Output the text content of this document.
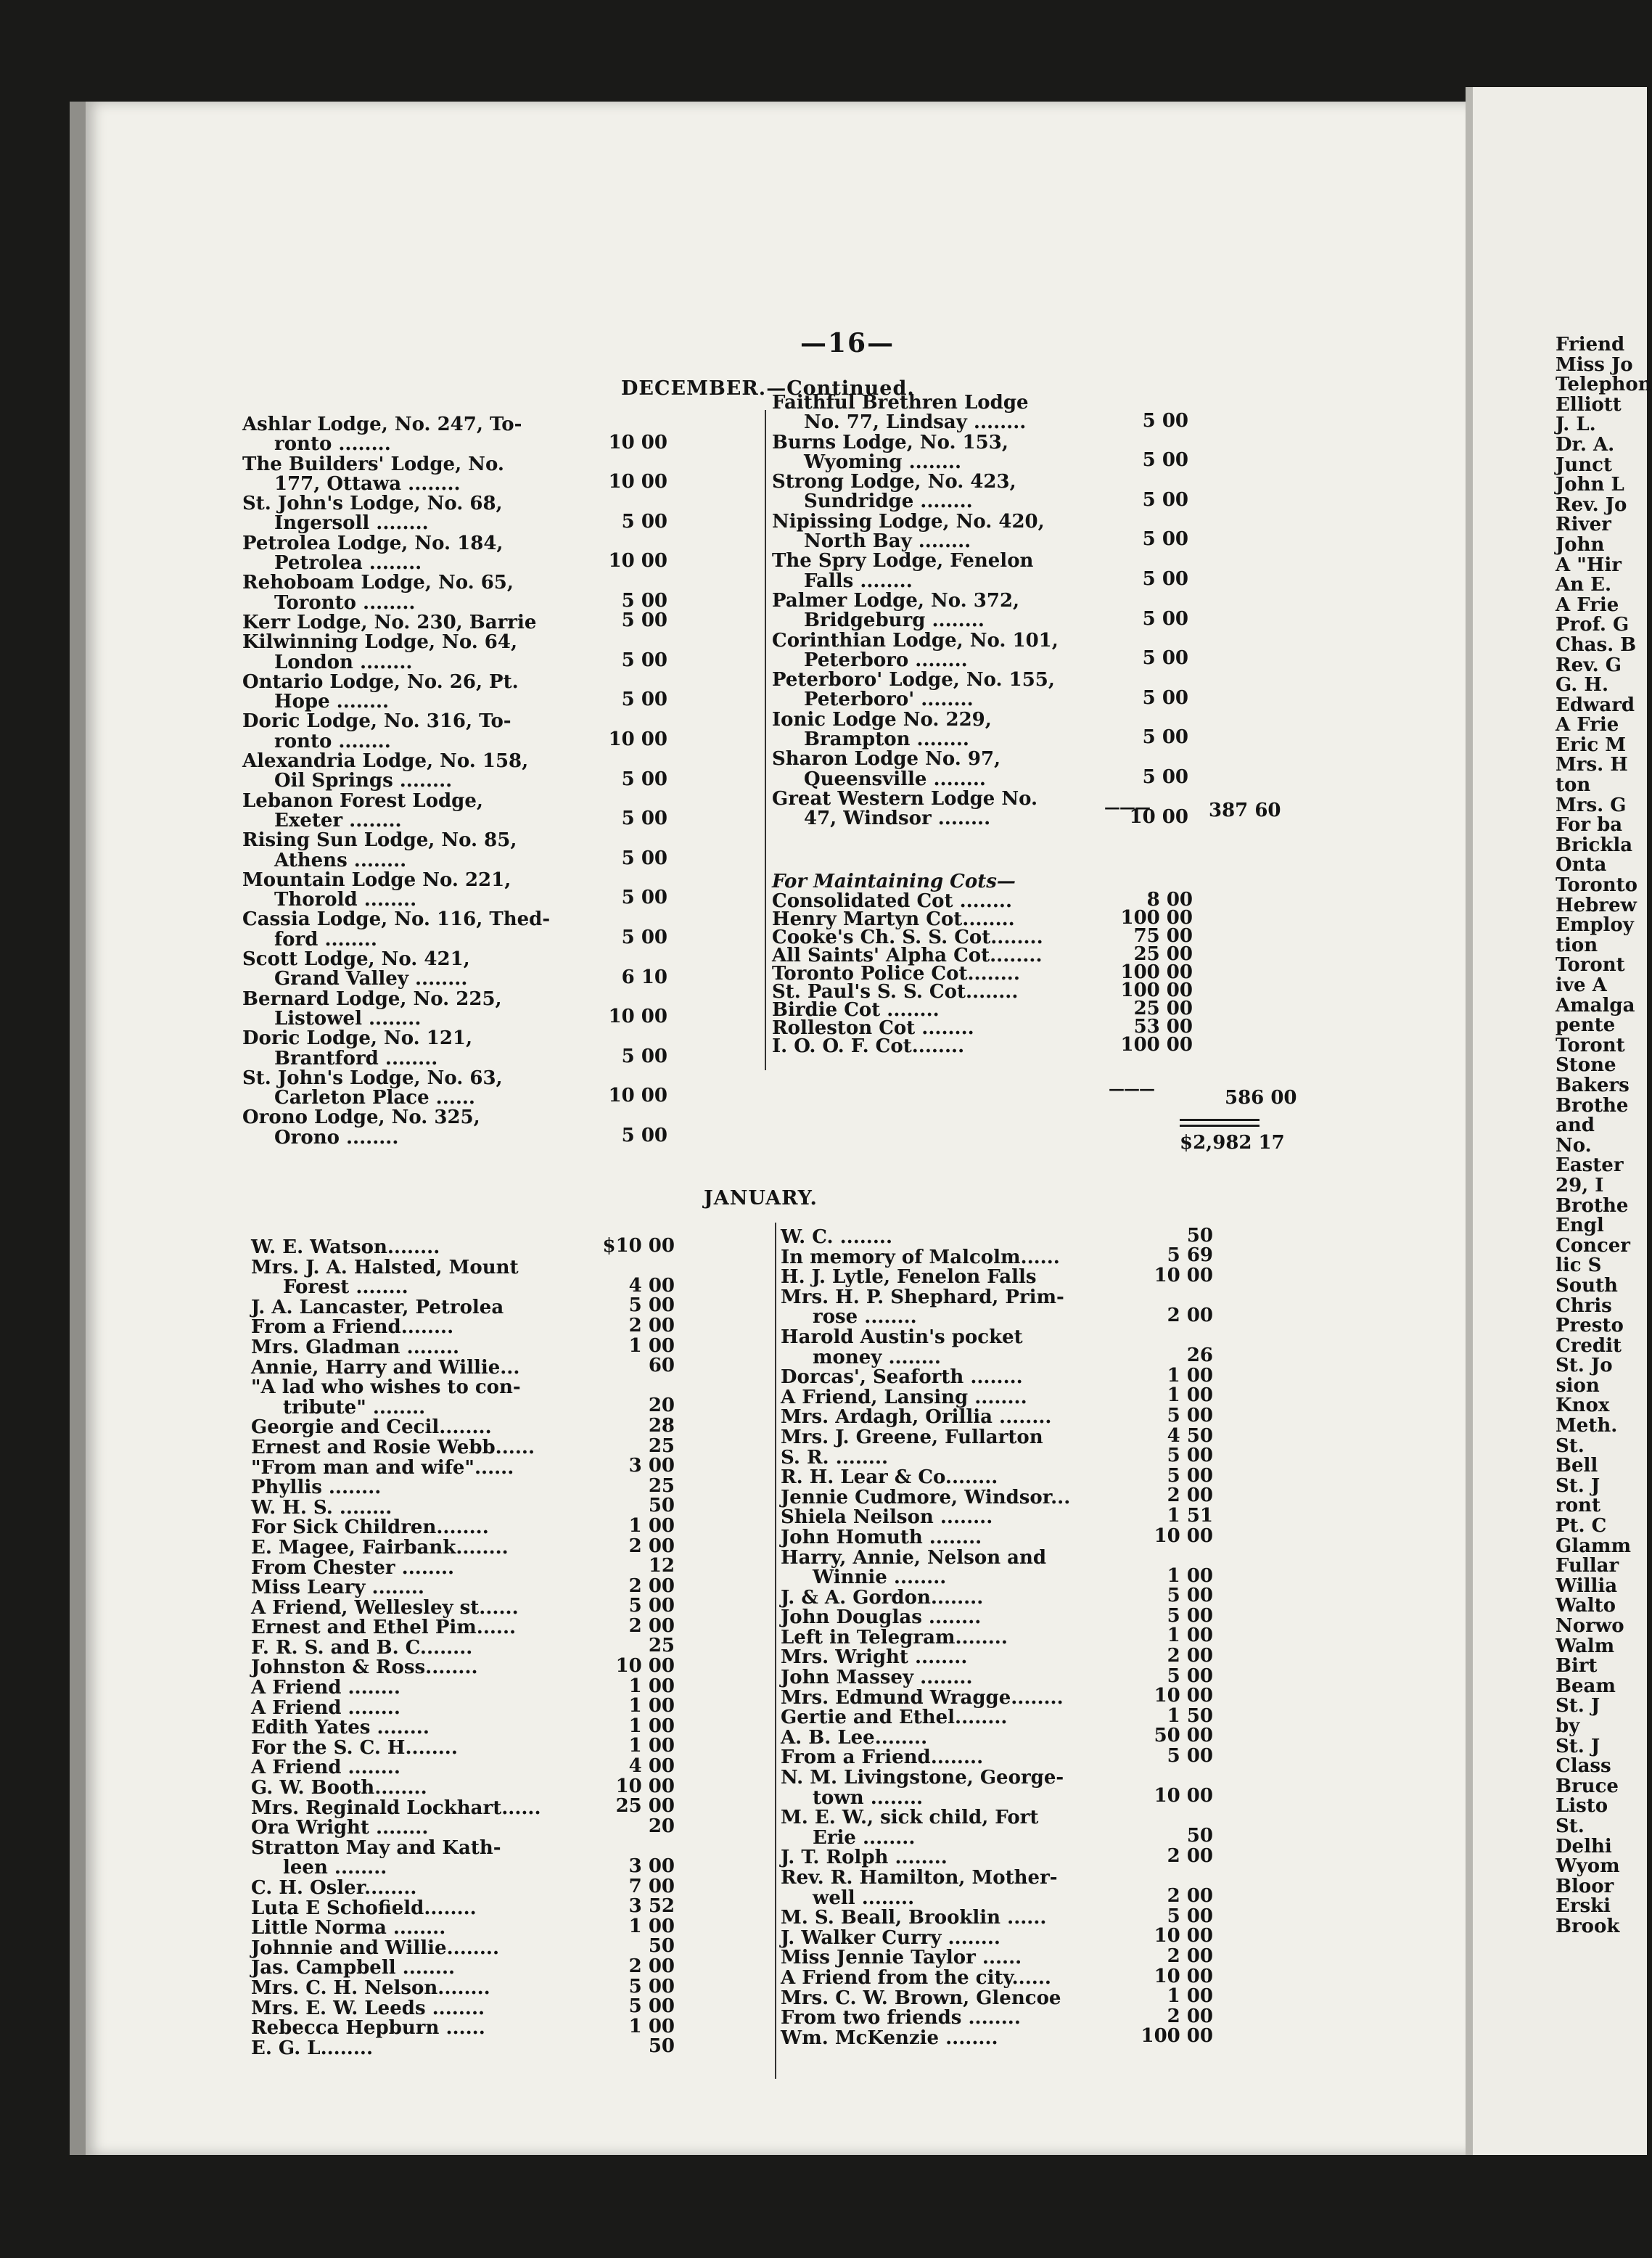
—16—
DECEMBER.—Continued.
Ashlar Lodge, No. 247, To-
ronto ........	10 00
The Builders' Lodge, No.
177, Ottawa ........	10 00
St. John's Lodge, No. 68,
Ingersoll ........	5 00
Petrolea Lodge, No. 184,
Petrolea ........	10 00
Rehoboam Lodge, No. 65,
Toronto ........	5 00
Kerr Lodge, No. 230, Barrie	5 00
Kilwinning Lodge, No. 64,
London ........	5 00
Ontario Lodge, No. 26, Pt.
Hope ........	5 00
Doric Lodge, No. 316, To-
ronto ........	10 00
Alexandria Lodge, No. 158,
Oil Springs ........	5 00
Lebanon Forest Lodge,
Exeter ........	5 00
Rising Sun Lodge, No. 85,
Athens ........	5 00
Mountain Lodge No. 221,
Thorold ........	5 00
Cassia Lodge, No. 116, Thed-
ford ........	5 00
Scott Lodge, No. 421,
Grand Valley ........	6 10
Bernard Lodge, No. 225,
Listowel ........	10 00
Doric Lodge, No. 121,
Brantford ........	5 00
St. John's Lodge, No. 63,
Carleton Place ......	10 00
Orono Lodge, No. 325,
Orono ........	5 00
Faithful Brethren Lodge
No. 77, Lindsay ........	5 00
Burns Lodge, No. 153,
Wyoming ........	5 00
Strong Lodge, No. 423,
Sundridge ........	5 00
Nipissing Lodge, No. 420,
North Bay ........	5 00
The Spry Lodge, Fenelon
Falls ........	5 00
Palmer Lodge, No. 372,
Bridgeburg ........	5 00
Corinthian Lodge, No. 101,
Peterboro ........	5 00
Peterboro' Lodge, No. 155,
Peterboro' ........	5 00
Ionic Lodge No. 229,
Brampton ........	5 00
Sharon Lodge No. 97,
Queensville ........	5 00
Great Western Lodge No.
47, Windsor ........	10 00
———	387 60
For Maintaining Cots—
Consolidated Cot ........	8 00
Henry Martyn Cot........	100 00
Cooke's Ch. S. S. Cot........	75 00
All Saints' Alpha Cot........	25 00
Toronto Police Cot........	100 00
St. Paul's S. S. Cot........	100 00
Birdie Cot ........	25 00
Rolleston Cot ........	53 00
I. O. O. F. Cot........	100 00
———	586 00
$2,982 17
JANUARY.
W. E. Watson........	$10 00
Mrs. J. A. Halsted, Mount
Forest ........	4 00
J. A. Lancaster, Petrolea	5 00
From a Friend........	2 00
Mrs. Gladman ........	1 00
Annie, Harry and Willie...	60
"A lad who wishes to con-
tribute" ........	20
Georgie and Cecil........	28
Ernest and Rosie Webb......	25
"From man and wife"......	3 00
Phyllis ........	25
W. H. S. ........	50
For Sick Children........	1 00
E. Magee, Fairbank........	2 00
From Chester ........	12
Miss Leary ........	2 00
A Friend, Wellesley st......	5 00
Ernest and Ethel Pim......	2 00
F. R. S. and B. C........	25
Johnston & Ross........	10 00
A Friend ........	1 00
A Friend ........	1 00
Edith Yates ........	1 00
For the S. C. H........	1 00
A Friend ........	4 00
G. W. Booth........	10 00
Mrs. Reginald Lockhart......	25 00
Ora Wright ........	20
Stratton May and Kath-
leen ........	3 00
C. H. Osler........	7 00
Luta E Schofield........	3 52
Little Norma ........	1 00
Johnnie and Willie........	50
Jas. Campbell ........	2 00
Mrs. C. H. Nelson........	5 00
Mrs. E. W. Leeds ........	5 00
Rebecca Hepburn ......	1 00
E. G. L........	50
W. C. ........	50
In memory of Malcolm......	5 69
H. J. Lytle, Fenelon Falls	10 00
Mrs. H. P. Shephard, Prim-
rose ........	2 00
Harold Austin's pocket
money ........	26
Dorcas', Seaforth ........	1 00
A Friend, Lansing ........	1 00
Mrs. Ardagh, Orillia ........	5 00
Mrs. J. Greene, Fullarton	4 50
S. R. ........	5 00
R. H. Lear & Co........	5 00
Jennie Cudmore, Windsor...	2 00
Shiela Neilson ........	1 51
John Homuth ........	10 00
Harry, Annie, Nelson and
Winnie ........	1 00
J. & A. Gordon........	5 00
John Douglas ........	5 00
Left in Telegram........	1 00
Mrs. Wright ........	2 00
John Massey ........	5 00
Mrs. Edmund Wragge........	10 00
Gertie and Ethel........	1 50
A. B. Lee........	50 00
From a Friend........	5 00
N. M. Livingstone, George-
town ........	10 00
M. E. W., sick child, Fort
Erie ........	50
J. T. Rolph ........	2 00
Rev. R. Hamilton, Mother-
well ........	2 00
M. S. Beall, Brooklin ......	5 00
J. Walker Curry ........	10 00
Miss Jennie Taylor ......	2 00
A Friend from the city......	10 00
Mrs. C. W. Brown, Glencoe	1 00
From two friends ........	2 00
Wm. McKenzie ........	100 00
Friend
Miss Jo
Telephon
Elliott
J. L.
Dr. A.
Junct
John L
Rev. Jo
River
John
A "Hir
An E.
A Frie
Prof. G
Chas. B
Rev. G
G. H.
Edward
A Frie
Eric M
Mrs. H
ton
Mrs. G
For ba
Brickla
Onta
Toronto
Hebrew
Employ
tion
Toront
ive A
Amalga
pente
Toront
Stone
Bakers
Brothe
and
No.
Easter
29, I
Brothe
Engl
Concer
lic S
South
Chris
Presto
Credit
St. Jo
sion
Knox
Meth.
St.
Bell
St. J
ront
Pt. C
Glamm
Fullar
Willia
Walto
Norwo
Walm
Birt
Beam
St. J
by
St. J
Class
Bruce
Listo
St.
Delhi
Wyom
Bloor
Erski
Brook
